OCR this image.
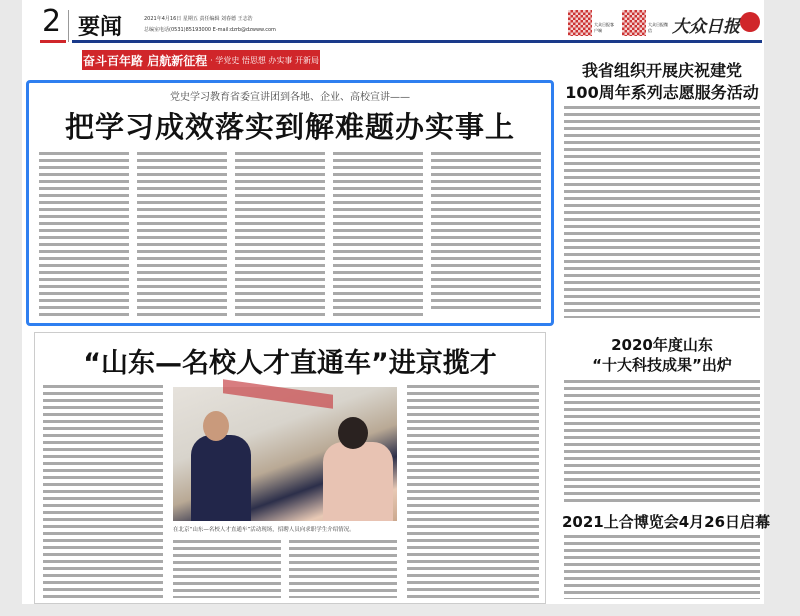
2 要闻	2021年4月16日 星期五 责任编辑 刘春德 王志浩
总编室电话(0531)85193000 E-mail:dzrb@dzwww.com
大众日报客户端
大众日报微信	大众日报
奋斗百年路 启航新征程 · 学党史 悟思想 办实事 开新局
党史学习教育省委宣讲团到各地、企业、高校宣讲——
把学习成效落实到解难题办实事上
“山东—名校人才直通车”进京揽才
在北京“山东—名校人才直通车”活动现场，招聘人员向求职学生介绍情况。
我省组织开展庆祝建党
100周年系列志愿服务活动
2020年度山东
“十大科技成果”出炉
2021上合博览会4月26日启幕
